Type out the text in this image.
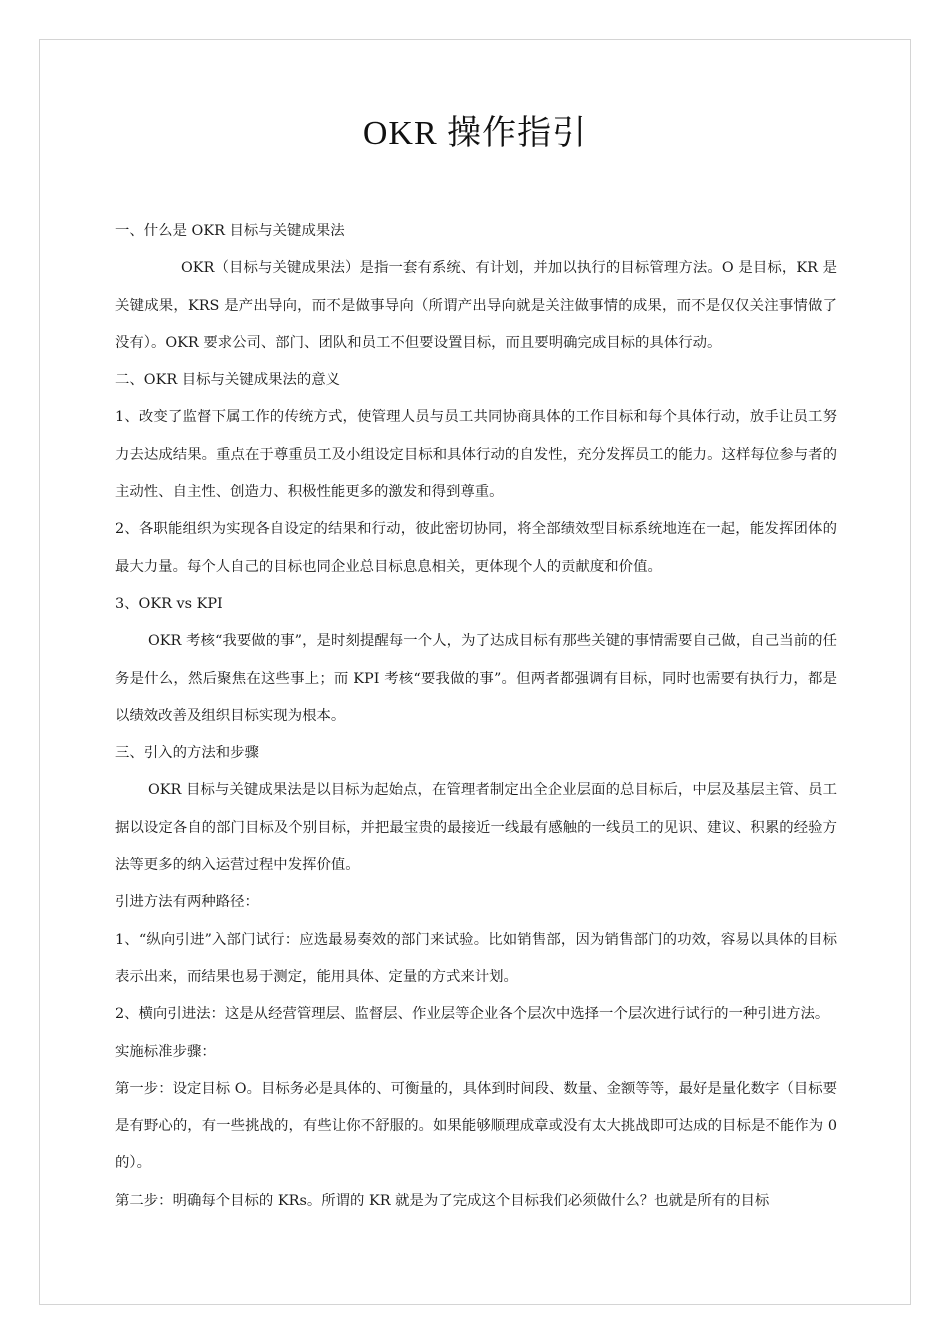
OKR 操作指引

一、什么是 OKR 目标与关键成果法

OKR（目标与关键成果法）是指一套有系统、有计划，并加以执行的目标管理方法。O 是目标，KR 是关键成果，KRS 是产出导向，而不是做事导向（所谓产出导向就是关注做事情的成果，而不是仅仅关注事情做了没有）。OKR 要求公司、部门、团队和员工不但要设置目标，而且要明确完成目标的具体行动。

二、OKR 目标与关键成果法的意义

1、改变了监督下属工作的传统方式，使管理人员与员工共同协商具体的工作目标和每个具体行动，放手让员工努力去达成结果。重点在于尊重员工及小组设定目标和具体行动的自发性，充分发挥员工的能力。这样每位参与者的主动性、自主性、创造力、积极性能更多的激发和得到尊重。

2、各职能组织为实现各自设定的结果和行动，彼此密切协同，将全部绩效型目标系统地连在一起，能发挥团体的最大力量。每个人自己的目标也同企业总目标息息相关，更体现个人的贡献度和价值。

3、OKR vs KPI

OKR 考核“我要做的事”，是时刻提醒每一个人，为了达成目标有那些关键的事情需要自己做，自己当前的任务是什么，然后聚焦在这些事上；而 KPI 考核“要我做的事”。但两者都强调有目标，同时也需要有执行力，都是以绩效改善及组织目标实现为根本。

三、引入的方法和步骤

OKR 目标与关键成果法是以目标为起始点，在管理者制定出全企业层面的总目标后，中层及基层主管、员工据以设定各自的部门目标及个别目标，并把最宝贵的最接近一线最有感触的一线员工的见识、建议、积累的经验方法等更多的纳入运营过程中发挥价值。

引进方法有两种路径：

1、“纵向引进”入部门试行：应选最易奏效的部门来试验。比如销售部，因为销售部门的功效，容易以具体的目标表示出来，而结果也易于测定，能用具体、定量的方式来计划。

2、横向引进法：这是从经营管理层、监督层、作业层等企业各个层次中选择一个层次进行试行的一种引进方法。

实施标准步骤：

第一步：设定目标 O。目标务必是具体的、可衡量的，具体到时间段、数量、金额等等，最好是量化数字（目标要是有野心的，有一些挑战的，有些让你不舒服的。如果能够顺理成章或没有太大挑战即可达成的目标是不能作为 0 的）。

第二步：明确每个目标的 KRs。所谓的 KR 就是为了完成这个目标我们必须做什么？也就是所有的目标
